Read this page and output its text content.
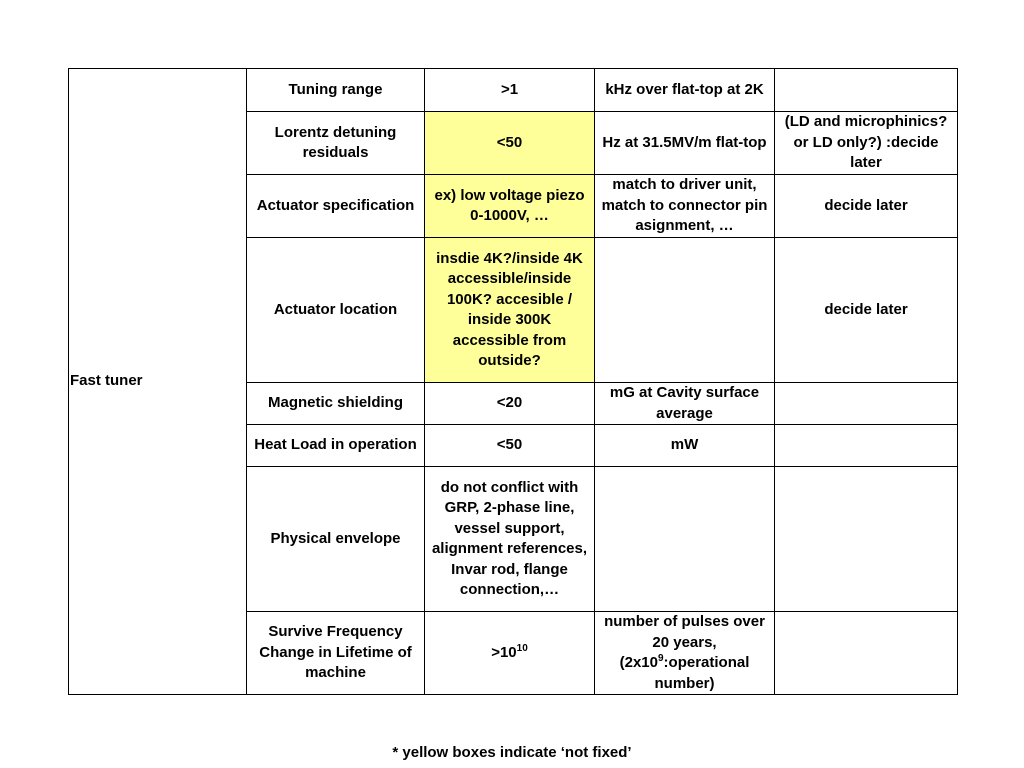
Fast tuner	Tuning range	>1	kHz over flat-top at 2K	
	Lorentz detuning residuals	<50	Hz at 31.5MV/m flat-top	(LD and microphinics? or LD only?) :decide later
	Actuator specification	ex) low voltage piezo 0-1000V, …	match to driver unit, match to connector pin asignment, …	decide later
	Actuator location	insdie 4K?/inside 4K accessible/inside 100K? accesible / inside 300K accessible from outside?		decide later
	Magnetic shielding	<20	mG at Cavity surface average	
	Heat Load in operation	<50	mW	
	Physical envelope	do not conflict with GRP, 2-phase line, vessel support, alignment references, Invar rod, flange connection,…		
	Survive Frequency Change in Lifetime of machine	$>10^{10}$	number of pulses over 20 years, ($2x10^9:operational$ number)	
* yellow boxes indicate ‘not fixed’
